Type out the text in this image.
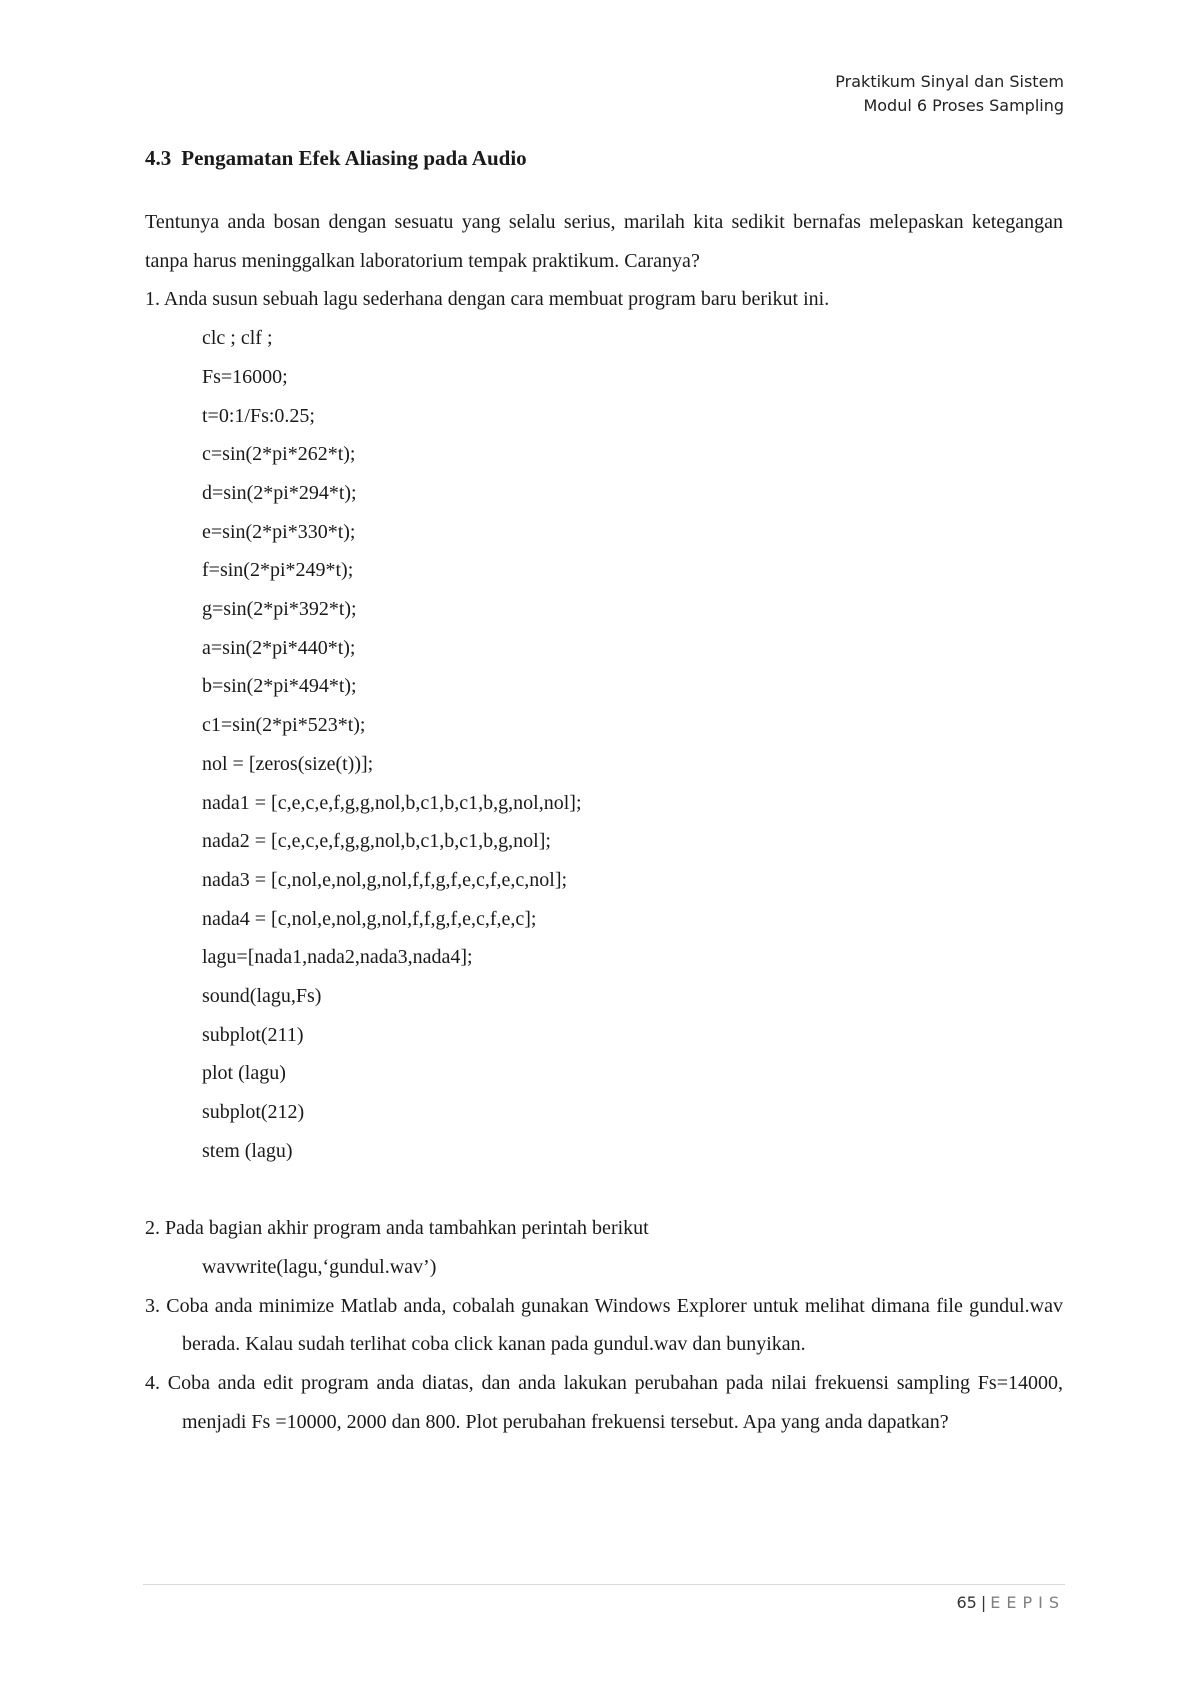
Praktikum Sinyal dan Sistem
Modul 6 Proses Sampling
4.3 Pengamatan Efek Aliasing pada Audio

Tentunya anda bosan dengan sesuatu yang selalu serius, marilah kita sedikit bernafas melepaskan ketegangan tanpa harus meninggalkan laboratorium tempak praktikum. Caranya?

1. Anda susun sebuah lagu sederhana dengan cara membuat program baru berikut ini.

clc ; clf ;
Fs=16000;
t=0:1/Fs:0.25;
c=sin(2*pi*262*t);
d=sin(2*pi*294*t);
e=sin(2*pi*330*t);
f=sin(2*pi*249*t);
g=sin(2*pi*392*t);
a=sin(2*pi*440*t);
b=sin(2*pi*494*t);
c1=sin(2*pi*523*t);
nol = [zeros(size(t))];
nada1 = [c,e,c,e,f,g,g,nol,b,c1,b,c1,b,g,nol,nol];
nada2 = [c,e,c,e,f,g,g,nol,b,c1,b,c1,b,g,nol];
nada3 = [c,nol,e,nol,g,nol,f,f,g,f,e,c,f,e,c,nol];
nada4 = [c,nol,e,nol,g,nol,f,f,g,f,e,c,f,e,c];
lagu=[nada1,nada2,nada3,nada4];
sound(lagu,Fs)
subplot(211)
plot (lagu)
subplot(212)
stem (lagu)

2. Pada bagian akhir program anda tambahkan perintah berikut

wavwrite(lagu,‘gundul.wav’)

3. Coba anda minimize Matlab anda, cobalah gunakan Windows Explorer untuk melihat dimana file gundul.wav berada. Kalau sudah terlihat coba click kanan pada gundul.wav dan bunyikan.

4. Coba anda edit program anda diatas, dan anda lakukan perubahan pada nilai frekuensi sampling Fs=14000, menjadi Fs =10000, 2000 dan 800. Plot perubahan frekuensi tersebut. Apa yang anda dapatkan?

65 | EEPIS
